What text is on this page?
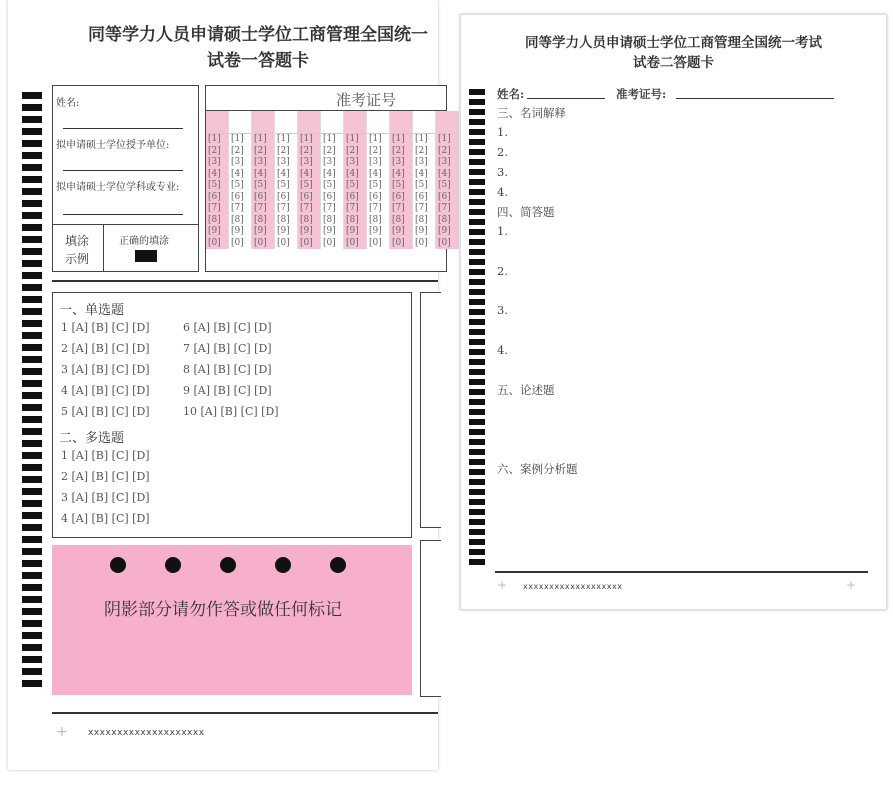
同等学力人员申请硕士学位工商管理全国统一
试卷一答题卡
姓名:
拟申请硕士学位授予单位:
拟申请硕士学位学科或专业:
填涂
示例
正确的填涂
准考证号
[1]
[2]
[3]
[4]
[5]
[6]
[7]
[8]
[9]
[0]
[1]
[2]
[3]
[4]
[5]
[6]
[7]
[8]
[9]
[0]
[1]
[2]
[3]
[4]
[5]
[6]
[7]
[8]
[9]
[0]
[1]
[2]
[3]
[4]
[5]
[6]
[7]
[8]
[9]
[0]
[1]
[2]
[3]
[4]
[5]
[6]
[7]
[8]
[9]
[0]
[1]
[2]
[3]
[4]
[5]
[6]
[7]
[8]
[9]
[0]
[1]
[2]
[3]
[4]
[5]
[6]
[7]
[8]
[9]
[0]
[1]
[2]
[3]
[4]
[5]
[6]
[7]
[8]
[9]
[0]
[1]
[2]
[3]
[4]
[5]
[6]
[7]
[8]
[9]
[0]
[1]
[2]
[3]
[4]
[5]
[6]
[7]
[8]
[9]
[0]
[1]
[2]
[3]
[4]
[5]
[6]
[7]
[8]
[9]
[0]
一、单选题
1 [A] [B] [C] [D]
2 [A] [B] [C] [D]
3 [A] [B] [C] [D]
4 [A] [B] [C] [D]
5 [A] [B] [C] [D]
6 [A] [B] [C] [D]
7 [A] [B] [C] [D]
8 [A] [B] [C] [D]
9 [A] [B] [C] [D]
10 [A] [B] [C] [D]
二、多选题
1 [A] [B] [C] [D]
2 [A] [B] [C] [D]
3 [A] [B] [C] [D]
4 [A] [B] [C] [D]
阴影部分请勿作答或做任何标记
+ xxxxxxxxxxxxxxxxxxxx
同等学力人员申请硕士学位工商管理全国统一考试
试卷二答题卡
姓名:	准考证号:
三、名词解释
1.
2.
3.
4.
四、简答题
1.
2.
3.
4.
五、论述题
六、案例分析题
+ xxxxxxxxxxxxxxxxxxx	+
